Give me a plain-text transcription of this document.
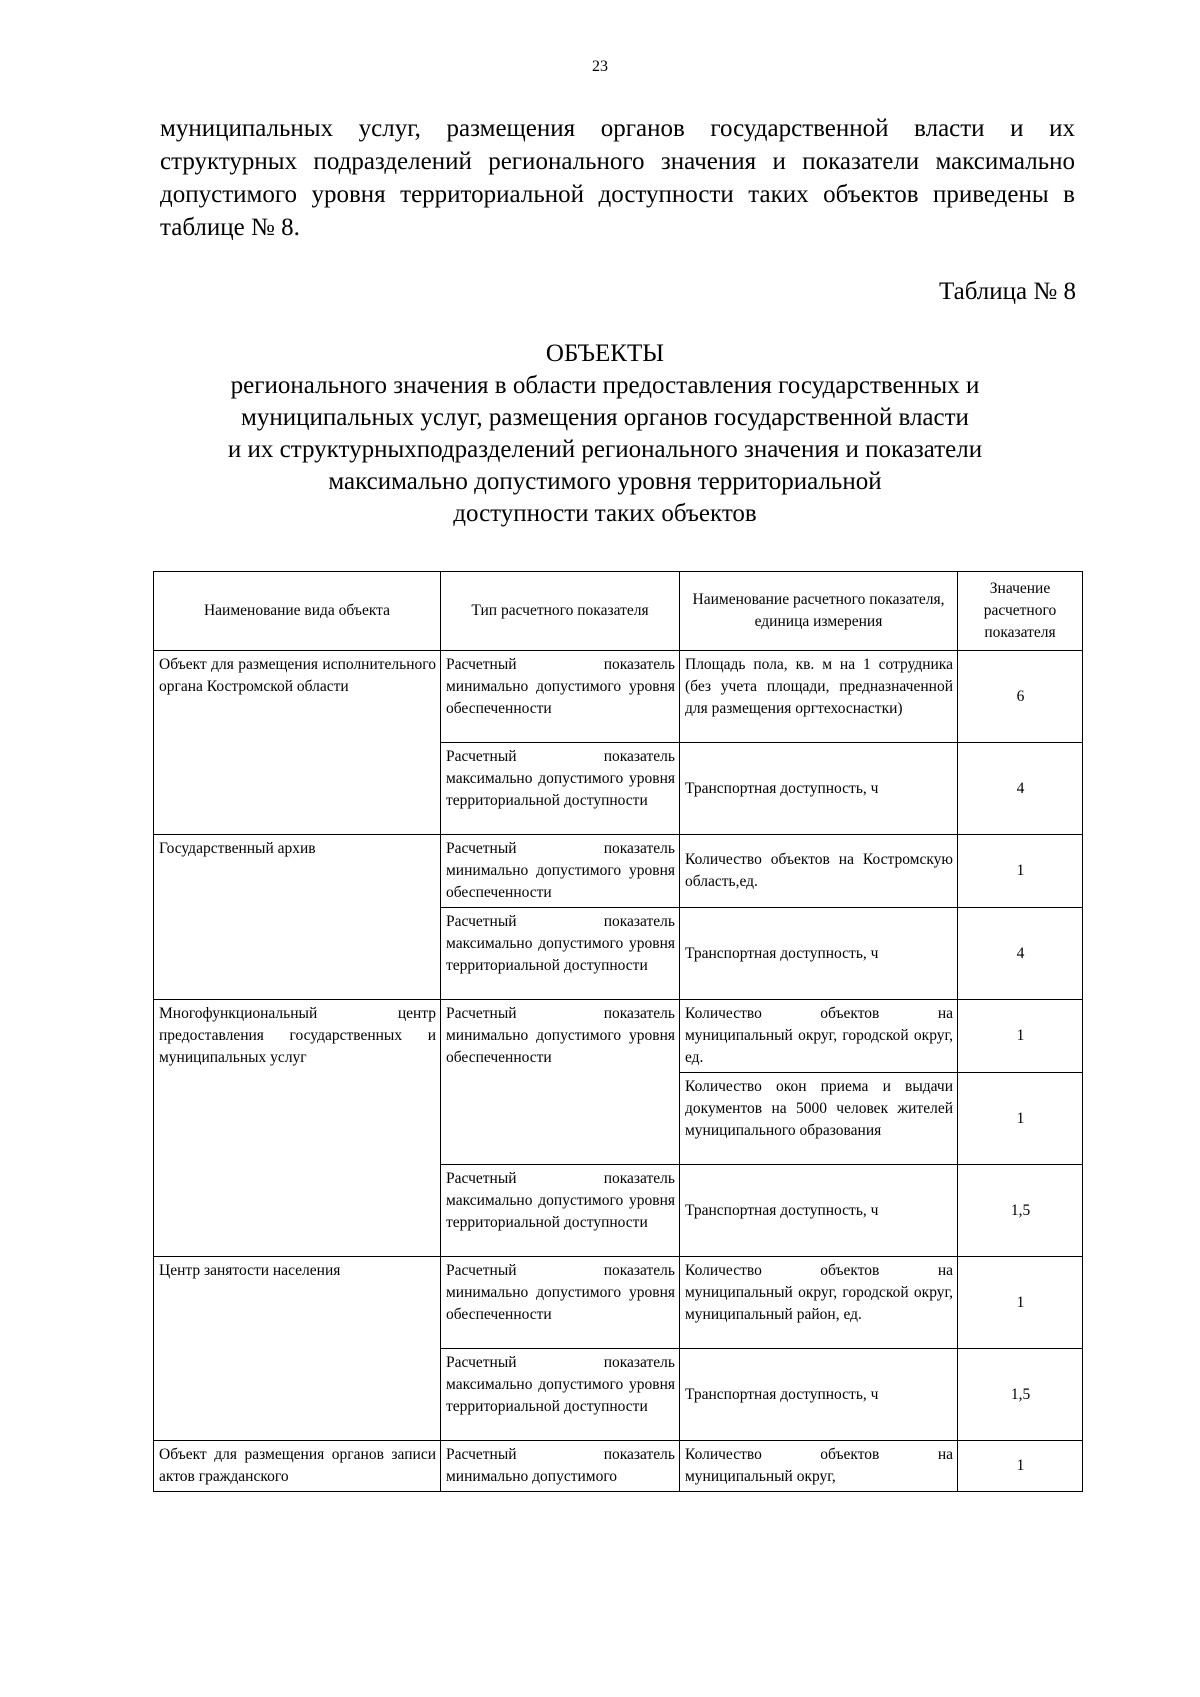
23
муниципальных услуг, размещения органов государственной власти и их структурных подразделений регионального значения и показатели максимально допустимого уровня территориальной доступности таких объектов приведены в таблице № 8.
Таблица № 8
ОБЪЕКТЫ
регионального значения в области предоставления государственных и
муниципальных услуг, размещения органов государственной власти
и их структурныхподразделений регионального значения и показатели
максимально допустимого уровня территориальной
доступности таких объектов
Наименование вида объекта	Тип расчетного показателя	Наименование расчетного показателя, единица измерения	Значение расчетного показателя
Объект для размещения исполнительного органа Костромской области	Расчетный показатель минимально допустимого уровня обеспеченности	Площадь пола, кв. м на 1 сотрудника (без учета площади, предназначенной для размещения оргтехоснастки)	6
	Расчетный показатель максимально допустимого уровня территориальной доступности	Транспортная доступность, ч	4
Государственный архив	Расчетный показатель минимально допустимого уровня обеспеченности	Количество объектов на Костромскую область,ед.	1
	Расчетный показатель максимально допустимого уровня территориальной доступности	Транспортная доступность, ч	4
Многофункциональный центр предоставления государственных и муниципальных услуг	Расчетный показатель минимально допустимого уровня обеспеченности	Количество объектов на муниципальный округ, городской округ, ед.	1
		Количество окон приема и выдачи документов на 5000 человек жителей муниципального образования	1
	Расчетный показатель максимально допустимого уровня территориальной доступности	Транспортная доступность, ч	1,5
Центр занятости населения	Расчетный показатель минимально допустимого уровня обеспеченности	Количество объектов на муниципальный округ, городской округ, муниципальный район, ед.	1
	Расчетный показатель максимально допустимого уровня территориальной доступности	Транспортная доступность, ч	1,5
Объект для размещения органов записи актов гражданского	Расчетный показатель минимально допустимого	Количество объектов на муниципальный округ,	1
